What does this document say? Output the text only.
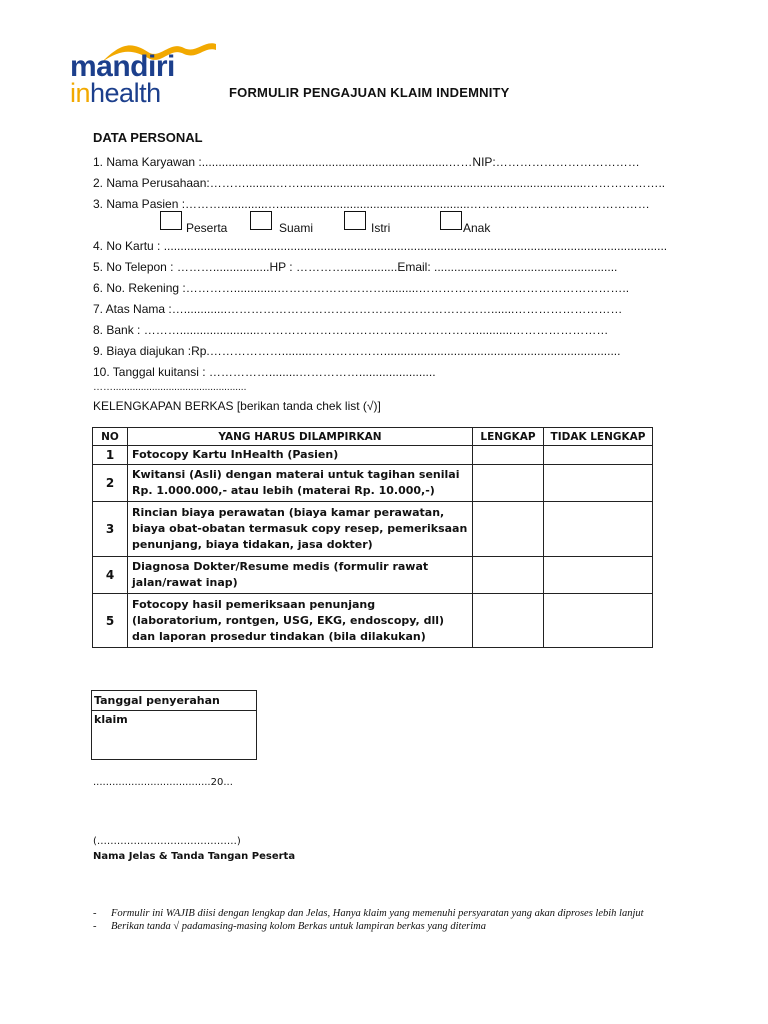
mandiri
inhealth	FORMULIR PENGAJUAN KLAIM INDEMNITY
DATA PERSONAL
1. Nama Karyawan :..........................................................................……NIP:………………………………
2. Nama Perusahaan:……….........……......................................................................................………………..
3. Nama Pasien :………..............….........................................................………………………………………
Peserta	Suami	Istri	Anak
4. No Kartu : .......................................................................................................................................................
5. No Telepon : ……….................HP : …………................Email: .......................................................
6. No. Rekening :………….............………………………..........……………………………………………..
7. Atas Nama :….............………………………………………………………….......………………………
8. Bank : ………........................………………………………………………...........……………………
9. Biaya diajukan :Rp.……………….........……………….......................................................................
10. Tanggal kuitansi : …………….........…………….......................
……................................................
KELENGKAPAN BERKAS [berikan tanda chek list (√)]
NO	YANG HARUS DILAMPIRKAN	LENGKAP	TIDAK LENGKAP
1	Fotocopy Kartu InHealth (Pasien)		
2	Kwitansi (Asli) dengan materai untuk tagihan senilai Rp. 1.000.000,- atau lebih (materai Rp. 10.000,-)		
3	Rincian biaya perawatan (biaya kamar perawatan, biaya obat-obatan termasuk copy resep, pemeriksaan penunjang, biaya tidakan, jasa dokter)		
4	Diagnosa Dokter/Resume medis (formulir rawat jalan/rawat inap)		
5	Fotocopy hasil pemeriksaan penunjang (laboratorium, rontgen, USG, EKG, endoscopy, dll) dan laporan prosedur tindakan (bila dilakukan)		
Tanggal penyerahan klaim
.....................................20...
(……………………………………)
Nama Jelas & Tanda Tangan Peserta
- Formulir ini WAJIB diisi dengan lengkap dan Jelas, Hanya klaim yang memenuhi persyaratan yang akan diproses lebih lanjut
- Berikan tanda √ padamasing-masing kolom Berkas untuk lampiran berkas yang diterima
